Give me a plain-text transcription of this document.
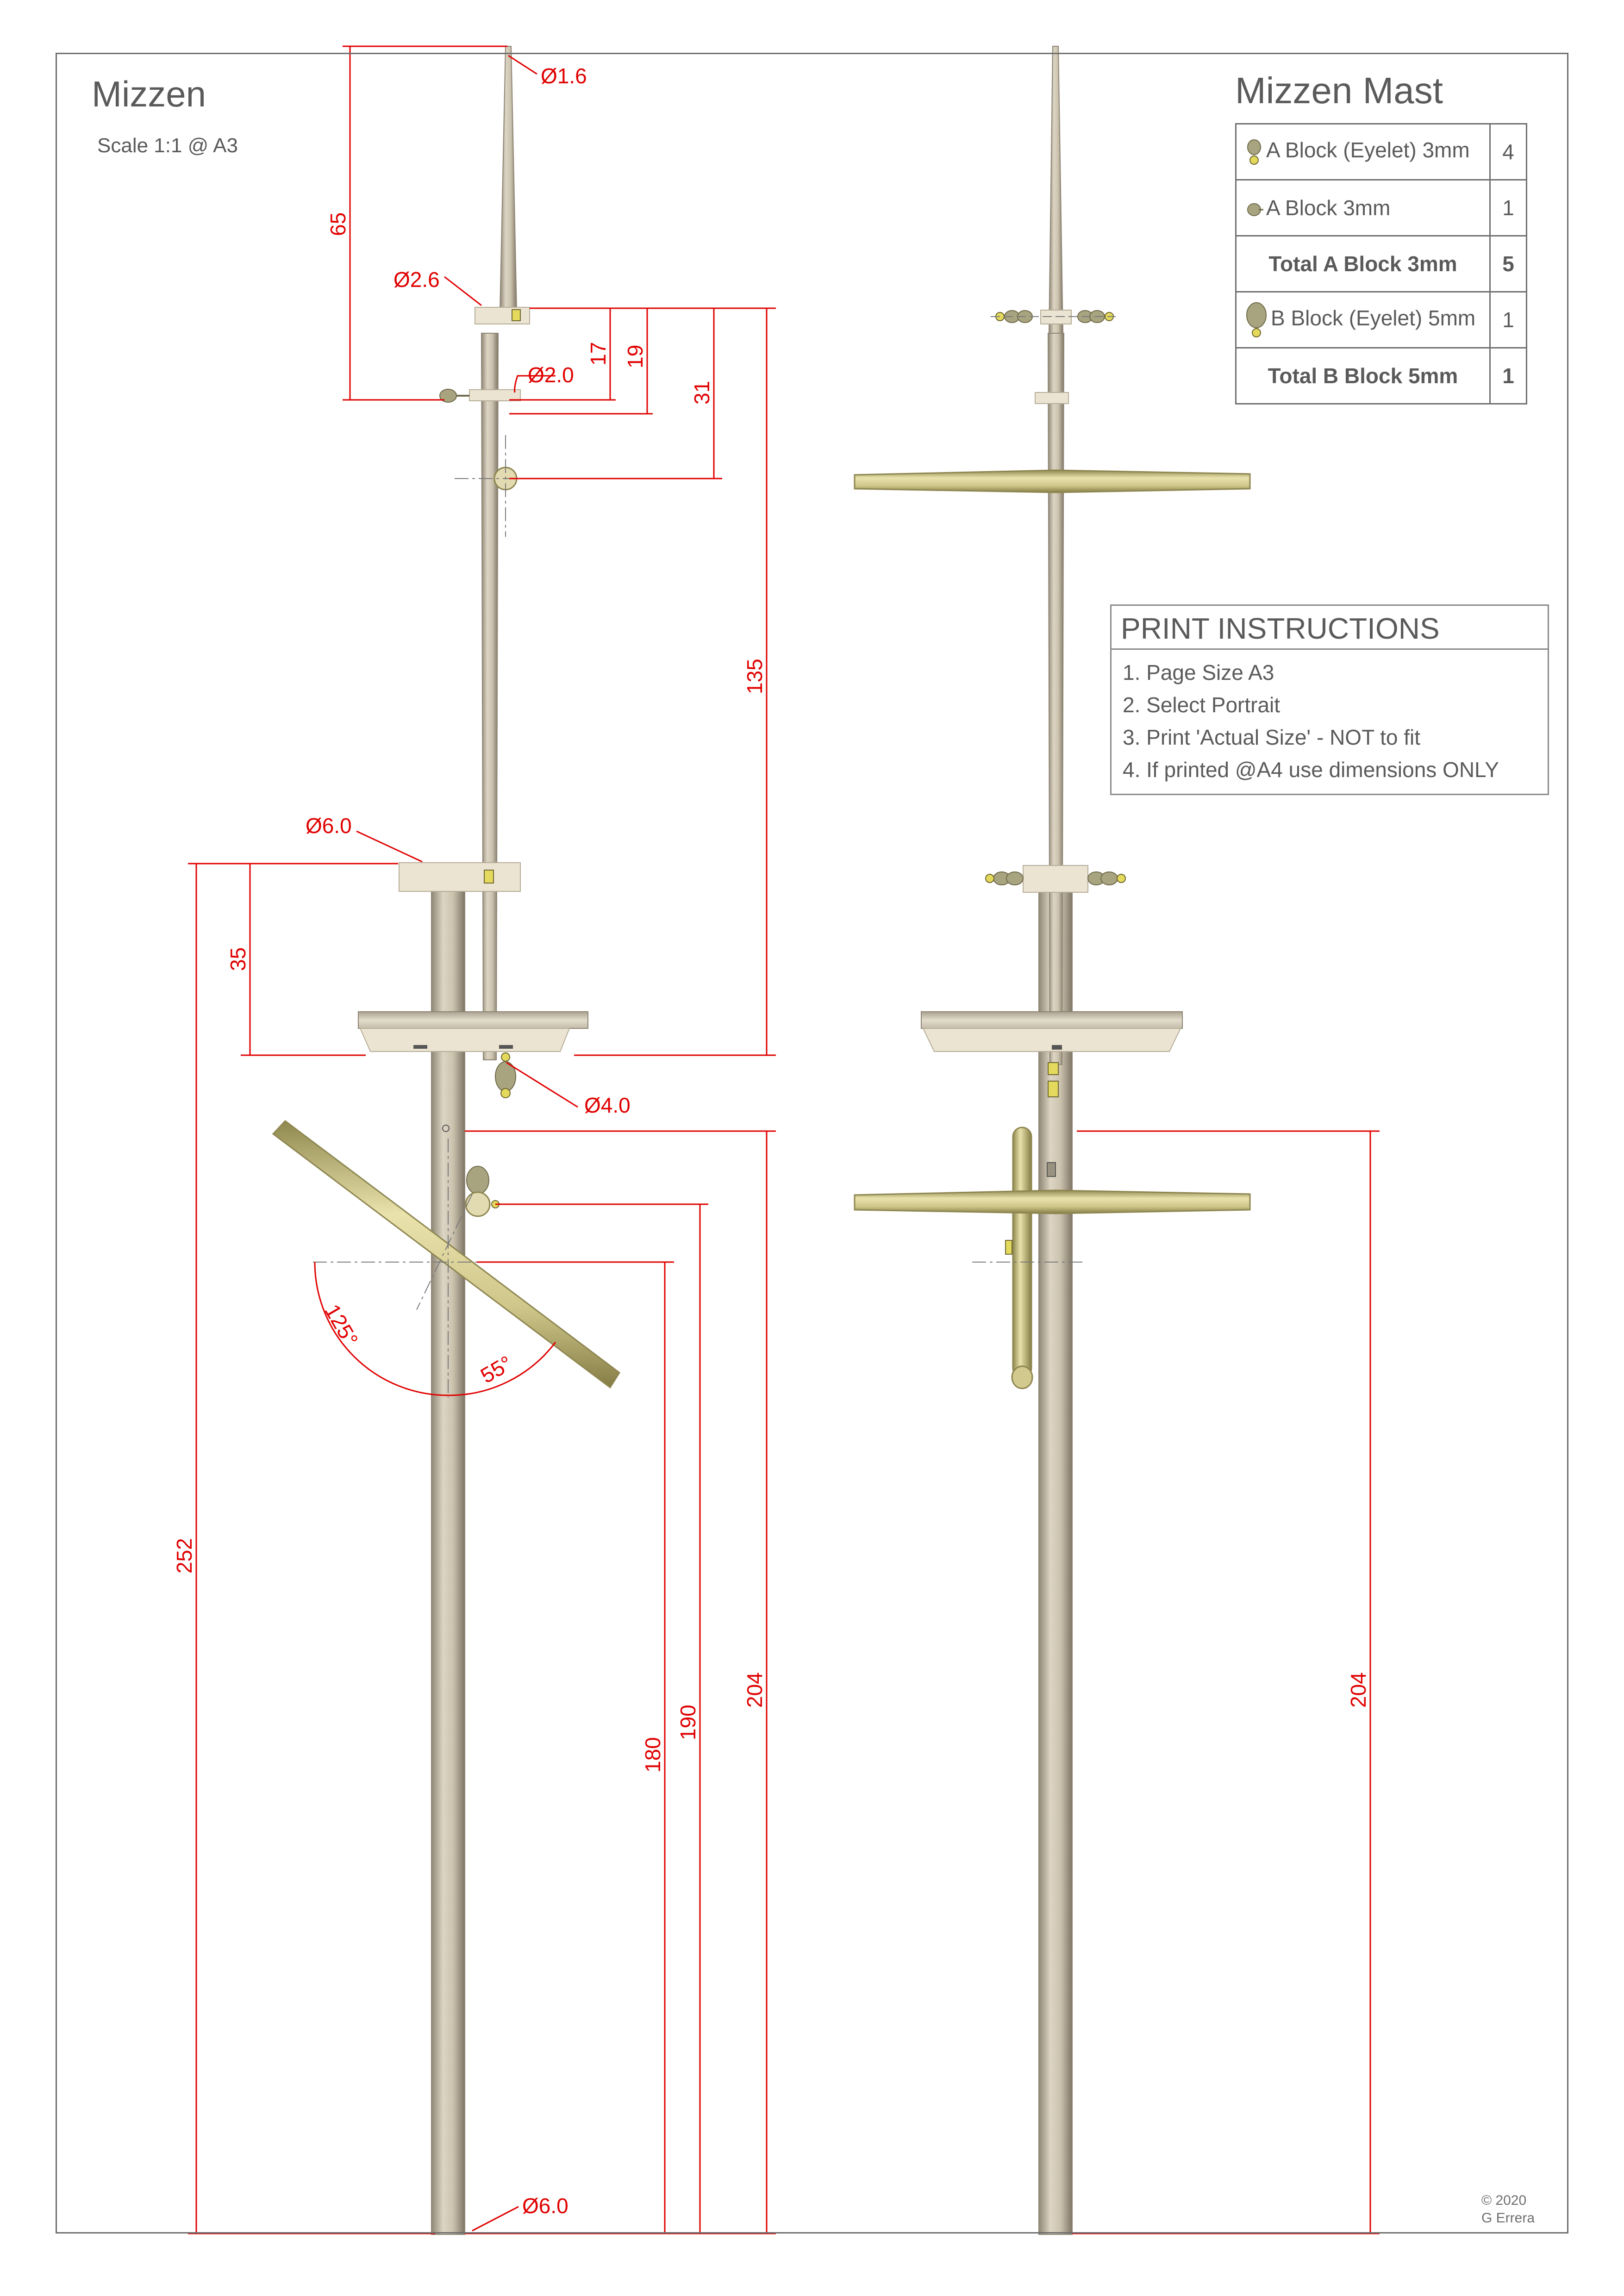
Ø1.6
Ø2.6
Ø2.0
Ø6.0
Ø4.0
Ø6.0
65
17 19
31
135
35
252
180
190
204	204
125°
55°
Mizzen
Scale 1:1 @ A3
Mizzen Mast
A Block (Eyelet) 3mm	4
A Block 3mm	1
Total A Block 3mm	5
B Block (Eyelet) 5mm	1
Total B Block 5mm	1
PRINT INSTRUCTIONS
1. Page Size A3
2. Select Portrait
3. Print 'Actual Size' - NOT to fit
4. If printed @A4 use dimensions ONLY
© 2020
G Errera
